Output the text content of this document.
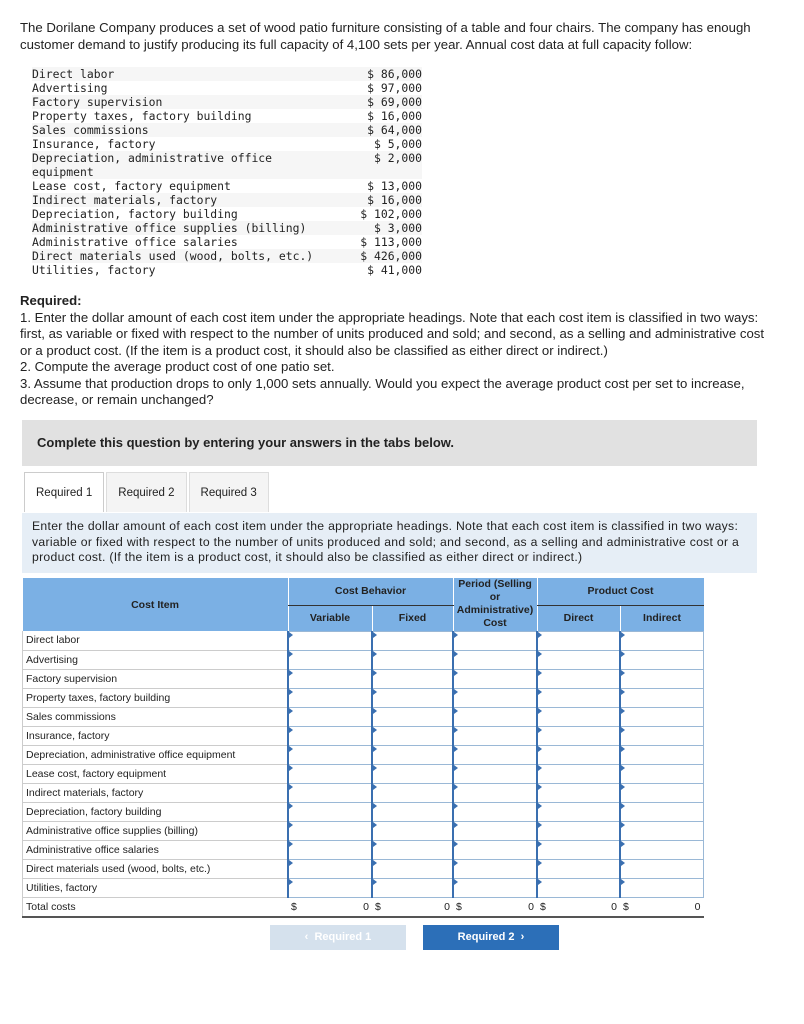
The Dorilane Company produces a set of wood patio furniture consisting of a table and four chairs. The company has enough customer demand to justify producing its full capacity of 4,100 sets per year. Annual cost data at full capacity follow:
Direct labor	$ 86,000
Advertising	$ 97,000
Factory supervision	$ 69,000
Property taxes, factory building	$ 16,000
Sales commissions	$ 64,000
Insurance, factory	$ 5,000
Depreciation, administrative office equipment
$ 2,000
Lease cost, factory equipment	$ 13,000
Indirect materials, factory	$ 16,000
Depreciation, factory building	$ 102,000
Administrative office supplies (billing)	$ 3,000
Administrative office salaries	$ 113,000
Direct materials used (wood, bolts, etc.)	$ 426,000
Utilities, factory	$ 41,000
Required:
1. Enter the dollar amount of each cost item under the appropriate headings. Note that each cost item is classified in two ways: first, as variable or fixed with respect to the number of units produced and sold; and second, as a selling and administrative cost or a product cost. (If the item is a product cost, it should also be classified as either direct or indirect.)
2. Compute the average product cost of one patio set.
3. Assume that production drops to only 1,000 sets annually. Would you expect the average product cost per set to increase, decrease, or remain unchanged?
Complete this question by entering your answers in the tabs below.
Required 1	Required 2	Required 3
Enter the dollar amount of each cost item under the appropriate headings. Note that each cost item is classified in two ways: variable or fixed with respect to the number of units produced and sold; and second, as a selling and administrative cost or a product cost. (If the item is a product cost, it should also be classified as either direct or indirect.)
Cost Item	Cost Behavior		Period (Selling or Administrative) Cost	Product Cost	
	Variable	Fixed		Direct	Indirect
Direct labor					
Advertising					
Factory supervision					
Property taxes, factory building					
Sales commissions					
Insurance, factory					
Depreciation, administrative office equipment					
Lease cost, factory equipment					
Indirect materials, factory					
Depreciation, factory building					
Administrative office supplies (billing)					
Administrative office salaries					
Direct materials used (wood, bolts, etc.)					
Utilities, factory					
Total costs	$ 0	$ 0	$ 0	$ 0	$ 0
‹  Required 1	Required 2  ›
